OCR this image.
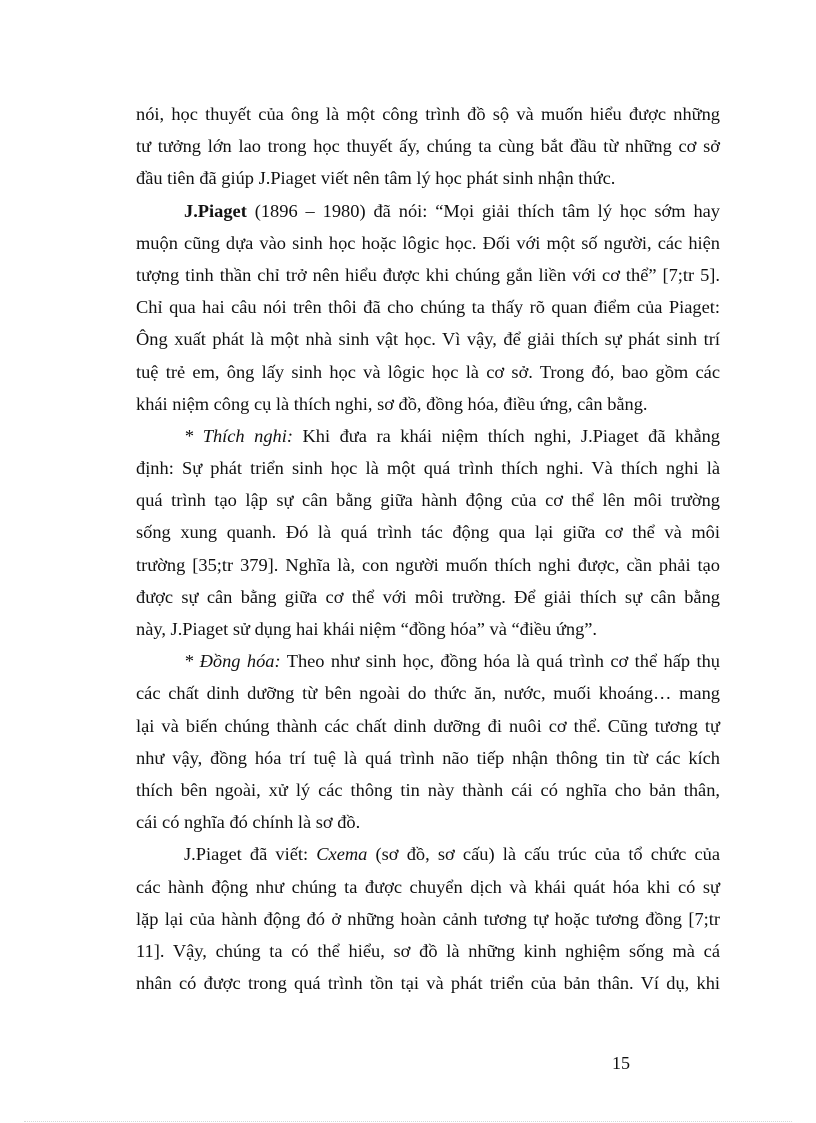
nói, học thuyết của ông là một công trình đồ sộ và muốn hiểu được những
tư tưởng lớn lao trong học thuyết ấy, chúng ta cùng bắt đầu từ những cơ sở
đầu tiên đã giúp J.Piaget viết nên tâm lý học phát sinh nhận thức.
J.Piaget (1896 – 1980) đã nói: “Mọi giải thích tâm lý học sớm hay
muộn cũng dựa vào sinh học hoặc lôgic học. Đối với một số người, các hiện
tượng tinh thần chỉ trở nên hiểu được khi chúng gắn liền với cơ thể” [7;tr 5].
Chỉ qua hai câu nói trên thôi đã cho chúng ta thấy rõ quan điểm của Piaget:
Ông xuất phát là một nhà sinh vật học. Vì vậy, để giải thích sự phát sinh trí
tuệ trẻ em, ông lấy sinh học và lôgic học là cơ sở. Trong đó, bao gồm các
khái niệm công cụ là thích nghi, sơ đồ, đồng hóa, điều ứng, cân bằng.
* Thích nghi: Khi đưa ra khái niệm thích nghi, J.Piaget đã khẳng
định: Sự phát triển sinh học là một quá trình thích nghi. Và thích nghi là
quá trình tạo lập sự cân bằng giữa hành động của cơ thể lên môi trường
sống xung quanh. Đó là quá trình tác động qua lại giữa cơ thể và môi
trường [35;tr 379]. Nghĩa là, con người muốn thích nghi được, cần phải tạo
được sự cân bằng giữa cơ thể với môi trường. Để giải thích sự cân bằng
này, J.Piaget sử dụng hai khái niệm “đồng hóa” và “điều ứng”.
* Đồng hóa: Theo như sinh học, đồng hóa là quá trình cơ thể hấp thụ
các chất dinh dưỡng từ bên ngoài do thức ăn, nước, muối khoáng… mang
lại và biến chúng thành các chất dinh dưỡng đi nuôi cơ thể. Cũng tương tự
như vậy, đồng hóa trí tuệ là quá trình não tiếp nhận thông tin từ các kích
thích bên ngoài, xử lý các thông tin này thành cái có nghĩa cho bản thân,
cái có nghĩa đó chính là sơ đồ.
J.Piaget đã viết: Cxema (sơ đồ, sơ cấu) là cấu trúc của tổ chức của
các hành động như chúng ta được chuyển dịch và khái quát hóa khi có sự
lặp lại của hành động đó ở những hoàn cảnh tương tự hoặc tương đồng [7;tr
11]. Vậy, chúng ta có thể hiểu, sơ đồ là những kinh nghiệm sống mà cá
nhân có được trong quá trình tồn tại và phát triển của bản thân. Ví dụ, khi
15
